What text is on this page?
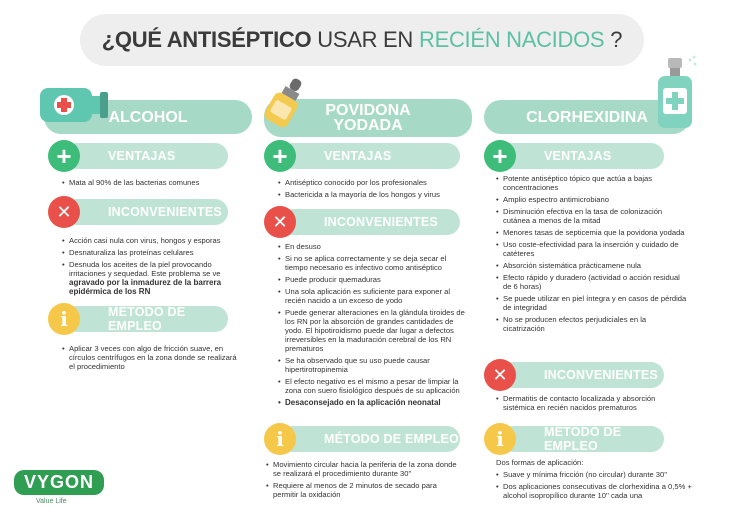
¿QUÉ ANTISÉPTICO USAR EN RECIÉN NACIDOS ?
ALCOHOL
VENTAJAS
+
• Mata al 90% de las bacterias comunes
INCONVENIENTES
✕
• Acción casi nula con virus, hongos y esporas
• Desnaturaliza las proteínas celulares
• Desnuda los aceites de la piel provocando irritaciones y sequedad. Este problema se ve agravado por la inmadurez de la barrera epidérmica de los RN
MÉTODO DE EMPLEO
i
• Aplicar 3 veces con algo de fricción suave, en círculos centrífugos en la zona donde se realizará el procedimiento
POVIDONA
YODADA
VENTAJAS
+
• Antiséptico conocido por los profesionales
• Bactericida a la mayoría de los hongos y virus
INCONVENIENTES
✕
• En desuso
• Si no se aplica correctamente y se deja secar el tiempo necesario es infectivo como antiséptico
• Puede producir quemaduras
• Una sola aplicación es suficiente para exponer al recién nacido a un exceso de yodo
• Puede generar alteraciones en la glándula tiroides de los RN por la absorción de grandes cantidades de yodo. El hipotiroidismo puede dar lugar a defectos irreversibles en la maduración cerebral de los RN prematuros
• Se ha observado que su uso puede causar hipertirotropinemia
• El efecto negativo es el mismo a pesar de limpiar la zona con suero fisiológico después de su aplicación
• Desaconsejado en la aplicación neonatal
MÉTODO DE EMPLEO
i
• Movimiento circular hacia la periferia de la zona donde se realizará el procedimiento durante 30''
• Requiere al menos de 2 minutos de secado para permitir la oxidación
CLORHEXIDINA
VENTAJAS
+
• Potente antiséptico tópico que actúa a bajas concentraciones
• Amplio espectro antimicrobiano
• Disminución efectiva en la tasa de colonización cutánea a menos de la mitad
• Menores tasas de septicemia que la povidona yodada
• Uso coste-efectividad para la inserción y cuidado de catéteres
• Absorción sistemática prácticamene nula
• Efecto rápido y duradero (actividad o acción residual de 6 horas)
• Se puede utilizar en piel íntegra y en casos de pérdida de integridad
• No se producen efectos perjudiciales en la cicatrización
INCONVENIENTES
✕
• Dermatitis de contacto localizada y absorción sistémica en recién nacidos prematuros
MÉTODO DE EMPLEO
i
Dos formas de aplicación:
• Suave y mínima fricción (no circular) durante 30''
• Dos aplicaciones consecutivas de clorhexidina a 0,5% + alcohol isopropílico durante 10'' cada una
VYGON
Value Life
